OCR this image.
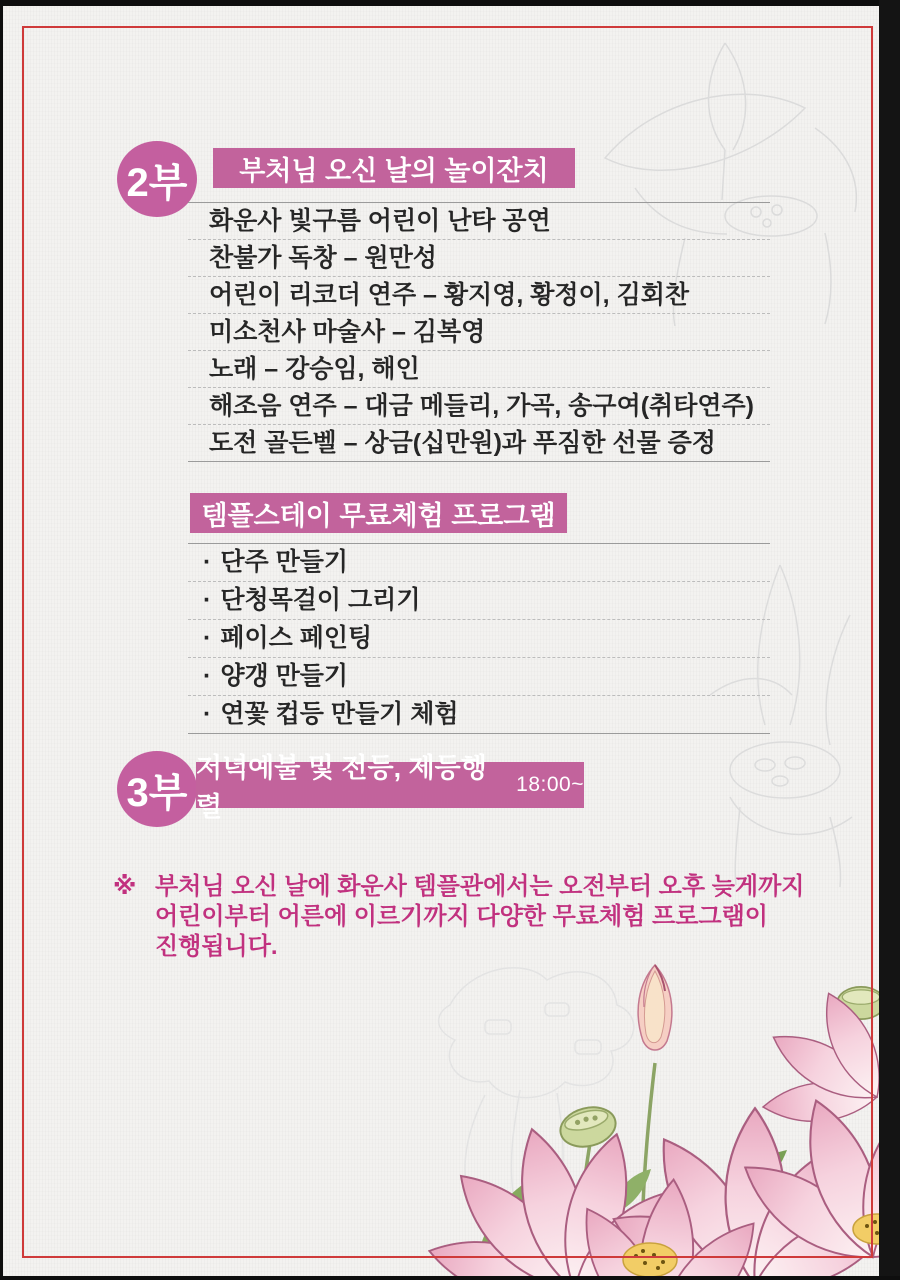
2부 부처님 오신 날의 놀이잔치
화운사 빛구름 어린이 난타 공연
찬불가 독창 – 원만성
어린이 리코더 연주 – 황지영, 황정이, 김회찬
미소천사 마술사 – 김복영
노래 – 강승임, 해인
해조음 연주 – 대금 메들리, 가곡, 송구여(취타연주)
도전 골든벨 – 상금(십만원)과 푸짐한 선물 증정
템플스테이 무료체험 프로그램
· 단주 만들기
· 단청목걸이 그리기
· 페이스 페인팅
· 양갱 만들기
· 연꽃 컵등 만들기 체험
3부
저녁예불 및 전등, 제등행렬
18:00~
※ 부처님 오신 날에 화운사 템플관에서는 오전부터 오후 늦게까지
어린이부터 어른에 이르기까지 다양한 무료체험 프로그램이
진행됩니다.
